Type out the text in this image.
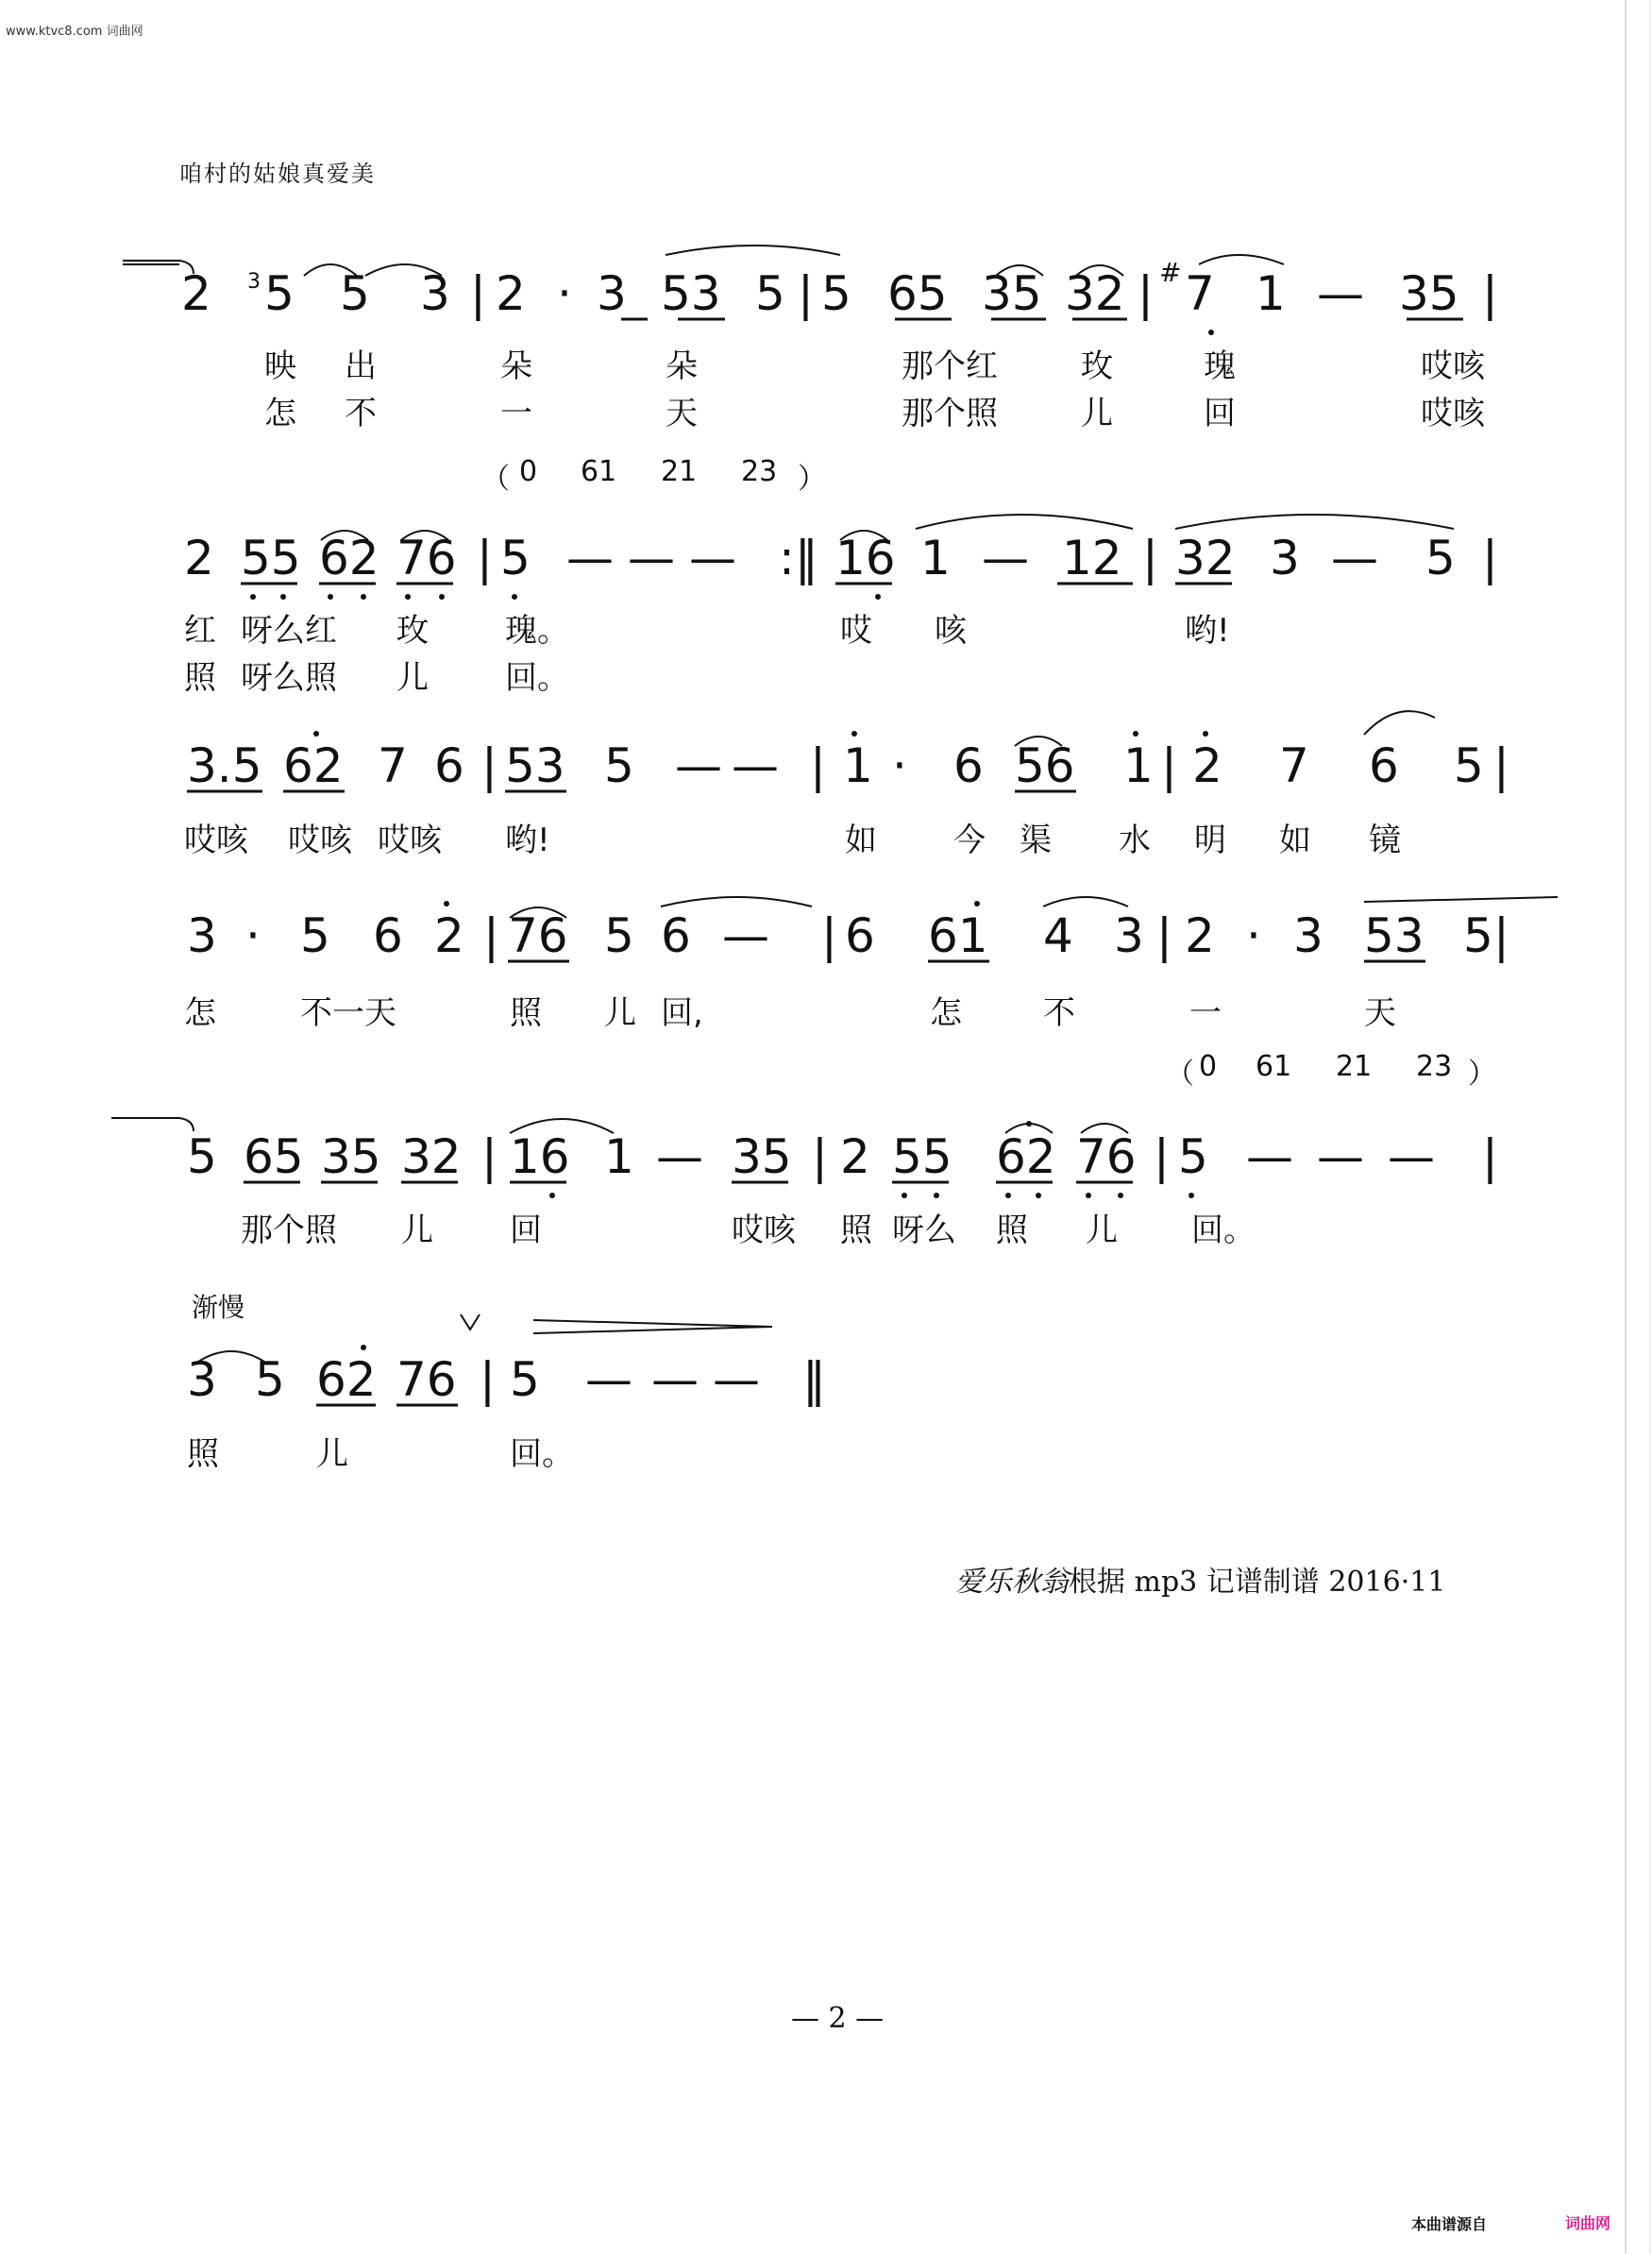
www.ktvc8.com 词曲网
咱村的姑娘真爱美
2 3 5 5 3 | 2 · 3 53 5 | 5 65 35 32 | # 7 1 — 35 |
映 出	朵	朵	那个红	玫	瑰	哎咳
怎 不	一	天	那个照	儿	回	哎咳
（ 0 61 21 23 ）
2 55 62 76 | 5 — — — :‖ 16 1 — 12 | 32 3 — 5 |
红 呀么红 玫 瑰。	哎 咳	哟!
照 呀么照 儿 回。
3.5 62 7 6 | 53 5 — — | 1 · 6 56 1 | 2 7 6 5 |
哎咳 哎咳 哎咳 哟!	如 今 渠 水 明 如 镜
3 · 5 6 2 | 76 5 6 — | 6 61 4 3 | 2 · 3 53 5 |
怎	不一天	照 儿 回,	怎	不	一	天
（ 0 61 21 23 ）
5 65 35 32 | 16 1 — 35 | 2 55 62 76 | 5 — — — |
那个照 儿 回	哎咳 照 呀么 照 儿 回。
渐慢
3 5 62 76 | 5 — — — ‖
照	儿	回。
爱乐秋翁根据 mp3 记谱制谱 2016·11
— 2 —
本曲谱源自	词曲网
